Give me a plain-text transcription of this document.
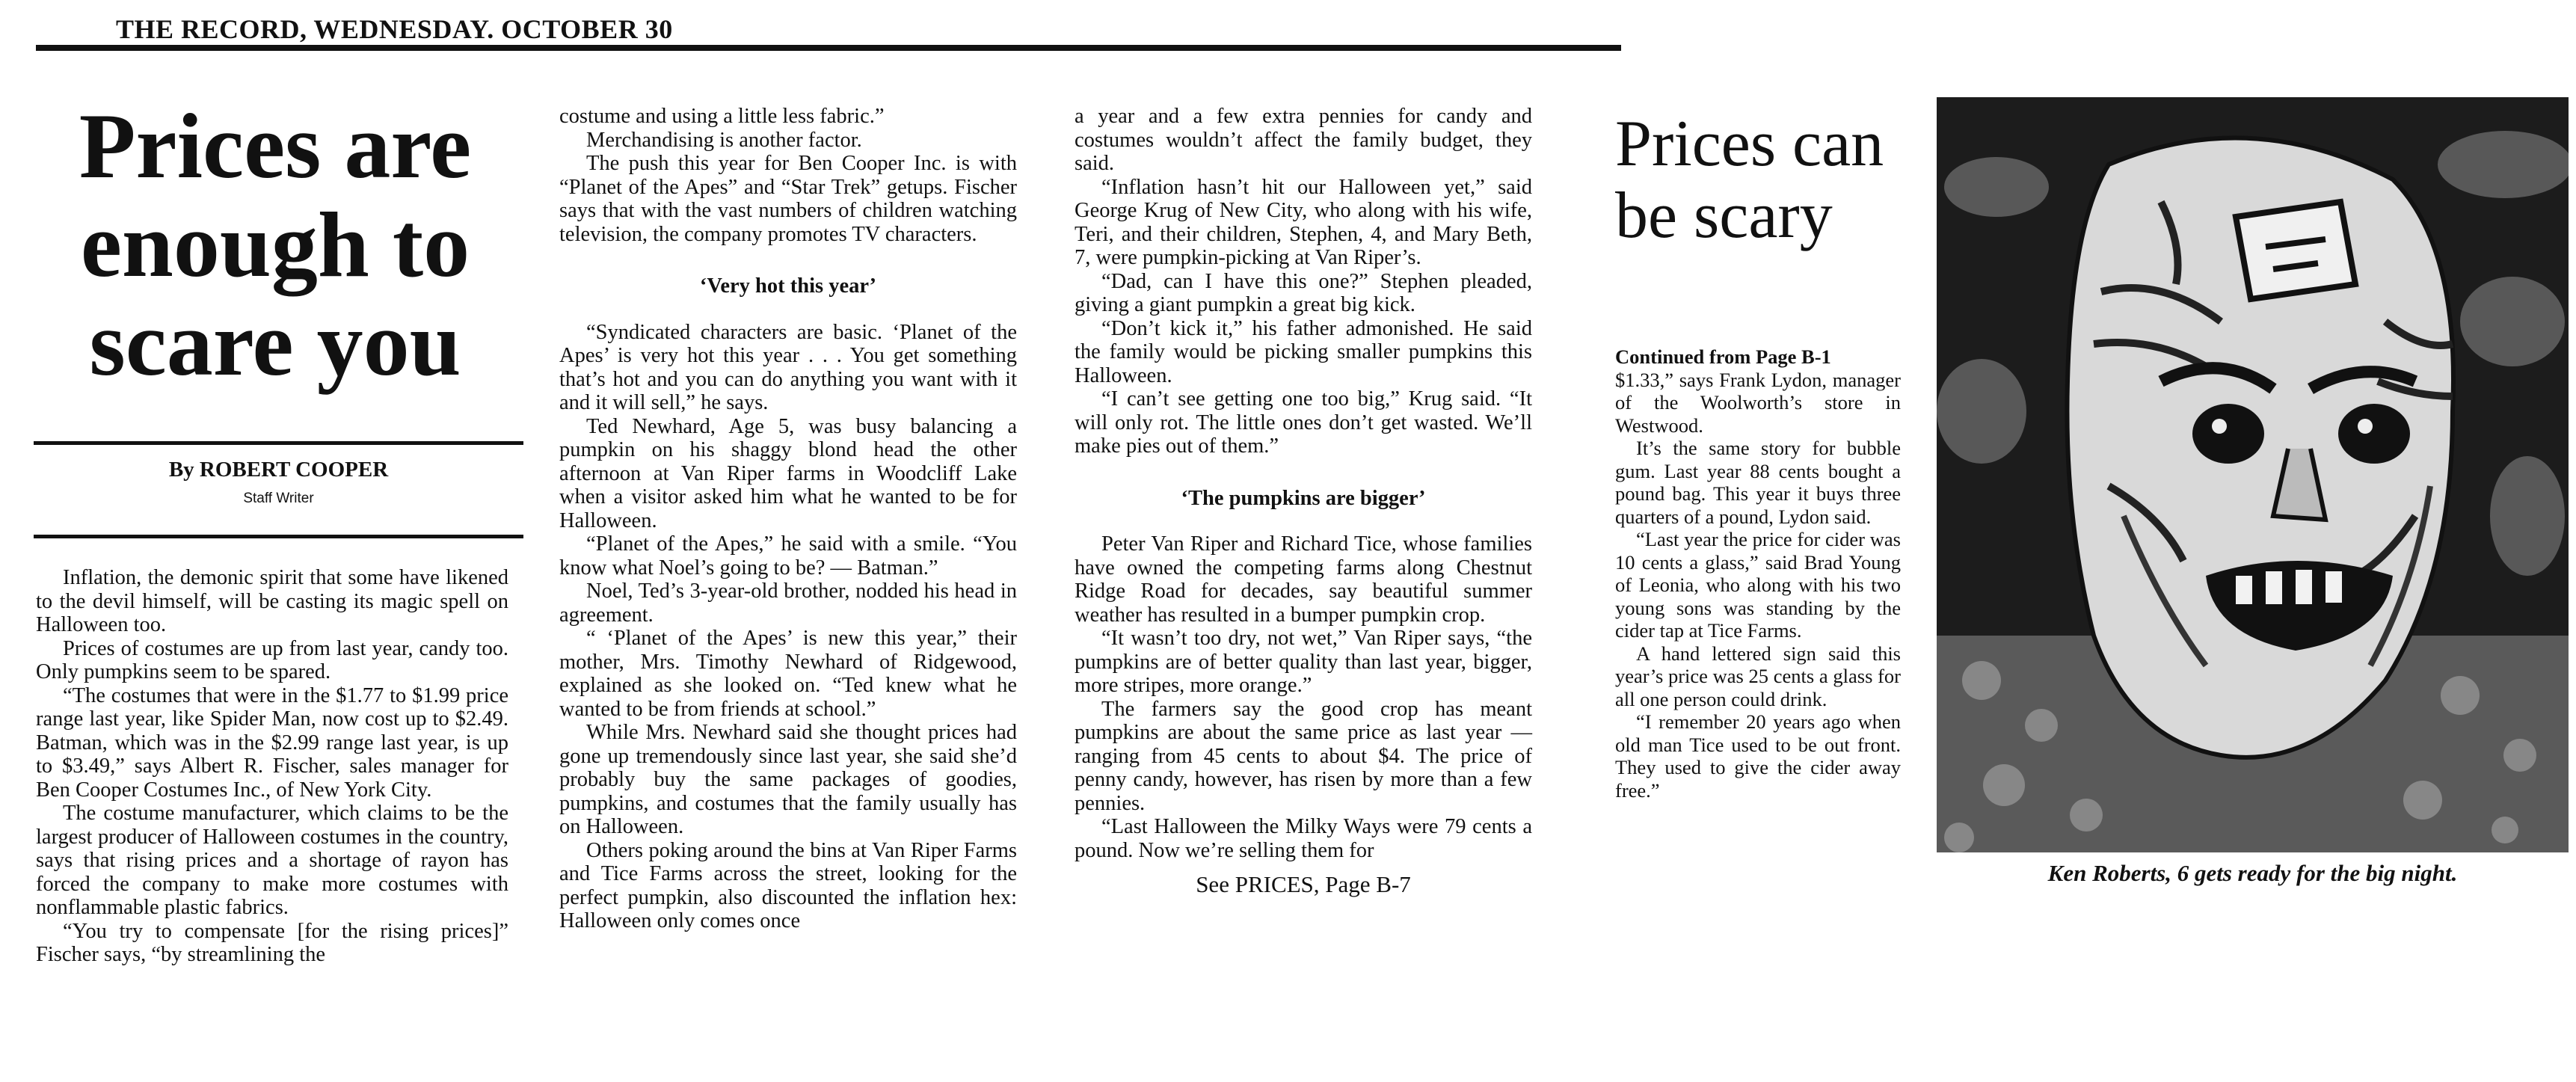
THE RECORD, WEDNESDAY. OCTOBER 30
Prices are enough to scare you
By ROBERT COOPER
Staff Writer

Inflation, the demonic spirit that some have likened to the devil himself, will be casting its magic spell on Halloween too.

Prices of costumes are up from last year, candy too. Only pumpkins seem to be spared.

“The costumes that were in the $1.77 to $1.99 price range last year, like Spider Man, now cost up to $2.49. Batman, which was in the $2.99 range last year, is up to $3.49,” says Albert R. Fischer, sales manager for Ben Cooper Costumes Inc., of New York City.

The costume manufacturer, which claims to be the largest producer of Halloween costumes in the country, says that rising prices and a shortage of rayon has forced the company to make more costumes with nonflammable plastic fabrics.

“You try to compensate [for the rising prices]” Fischer says, “by streamlining the

costume and using a little less fabric.”

Merchandising is another factor.

The push this year for Ben Cooper Inc. is with “Planet of the Apes” and “Star Trek” getups. Fischer says that with the vast numbers of children watching television, the company promotes TV characters.

‘Very hot this year’

“Syndicated characters are basic. ‘Planet of the Apes’ is very hot this year . . . You get something that’s hot and you can do anything you want with it and it will sell,” he says.

Ted Newhard, Age 5, was busy balancing a pumpkin on his shaggy blond head the other afternoon at Van Riper farms in Woodcliff Lake when a visitor asked him what he wanted to be for Halloween.

“Planet of the Apes,” he said with a smile. “You know what Noel’s going to be? — Batman.”

Noel, Ted’s 3-year-old brother, nodded his head in agreement.

“ ‘Planet of the Apes’ is new this year,” their mother, Mrs. Timothy Newhard of Ridgewood, explained as she looked on. “Ted knew what he wanted to be from friends at school.”

While Mrs. Newhard said she thought prices had gone up tremendously since last year, she said she’d probably buy the same packages of goodies, pumpkins, and costumes that the family usually has on Halloween.

Others poking around the bins at Van Riper Farms and Tice Farms across the street, looking for the perfect pumpkin, also discounted the inflation hex: Halloween only comes once

a year and a few extra pennies for candy and costumes wouldn’t affect the family budget, they said.

“Inflation hasn’t hit our Halloween yet,” said George Krug of New City, who along with his wife, Teri, and their children, Stephen, 4, and Mary Beth, 7, were pumpkin-picking at Van Riper’s.

“Dad, can I have this one?” Stephen pleaded, giving a giant pumpkin a great big kick.

“Don’t kick it,” his father admonished. He said the family would be picking smaller pumpkins this Halloween.

“I can’t see getting one too big,” Krug said. “It will only rot. The little ones don’t get wasted. We’ll make pies out of them.”

‘The pumpkins are bigger’

Peter Van Riper and Richard Tice, whose families have owned the competing farms along Chestnut Ridge Road for decades, say beautiful summer weather has resulted in a bumper pumpkin crop.

“It wasn’t too dry, not wet,” Van Riper says, “the pumpkins are of better quality than last year, bigger, more stripes, more orange.”

The farmers say the good crop has meant pumpkins are about the same price as last year — ranging from 45 cents to about $4. The price of penny candy, however, has risen by more than a few pennies.

“Last Halloween the Milky Ways were 79 cents a pound. Now we’re selling them for

See PRICES, Page B-7

Prices can be scary

Continued from Page B-1

$1.33,” says Frank Lydon, manager of the Woolworth’s store in Westwood.

It’s the same story for bubble gum. Last year 88 cents bought a pound bag. This year it buys three quarters of a pound, Lydon said.

“Last year the price for cider was 10 cents a glass,” said Brad Young of Leonia, who along with his two young sons was standing by the cider tap at Tice Farms.

A hand lettered sign said this year’s price was 25 cents a glass for all one person could drink.

“I remember 20 years ago when old man Tice used to be out front. They used to give the cider away free.”

Ken Roberts, 6 gets ready for the big night.
